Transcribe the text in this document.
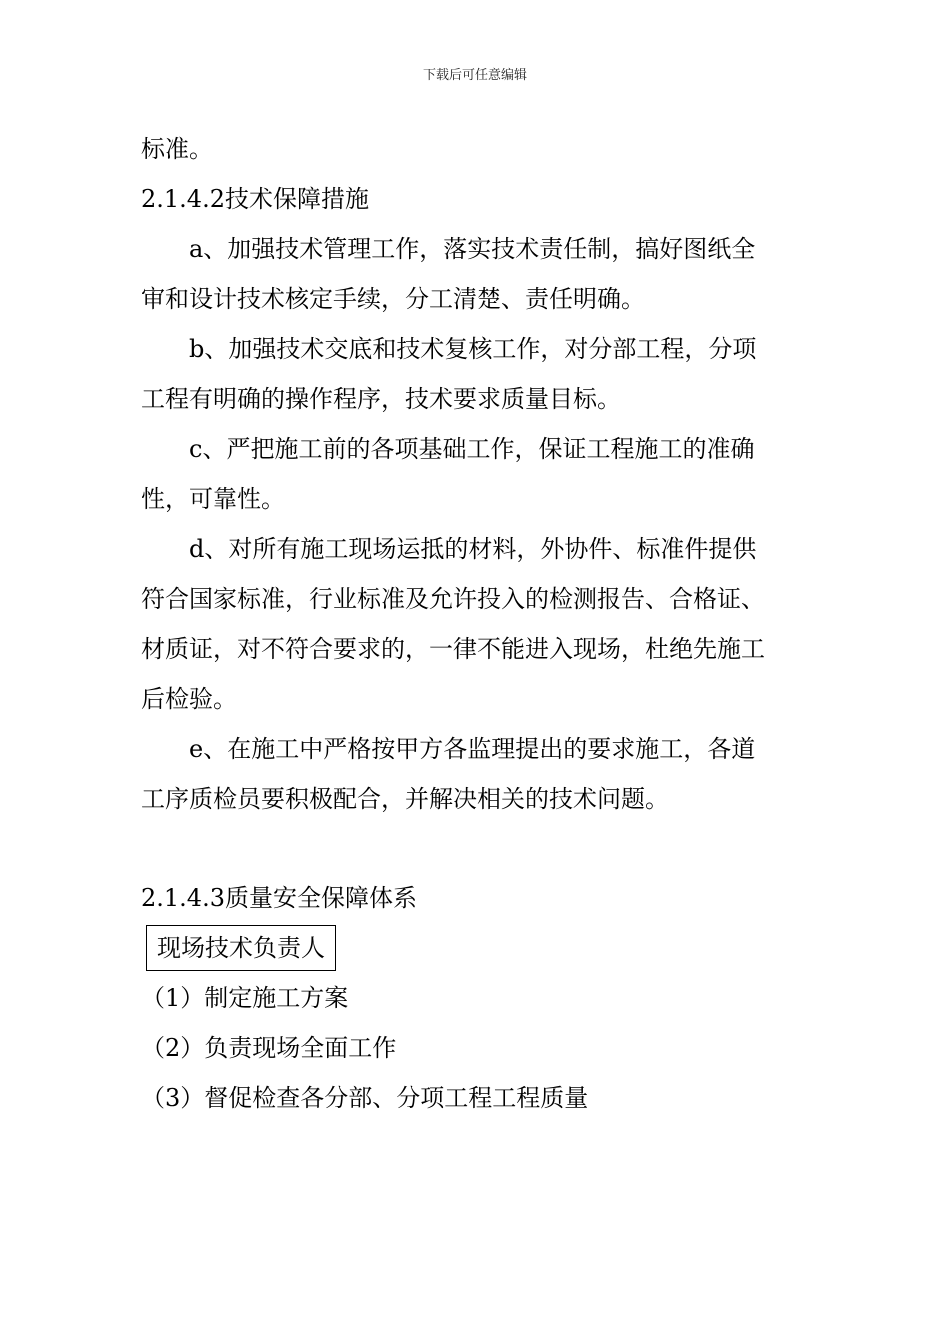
下载后可任意编辑
标准。
2.1.4.2技术保障措施
a、加强技术管理工作，落实技术责任制，搞好图纸全
审和设计技术核定手续，分工清楚、责任明确。
b、加强技术交底和技术复核工作，对分部工程，分项
工程有明确的操作程序，技术要求质量目标。
c、严把施工前的各项基础工作，保证工程施工的准确
性，可靠性。
d、对所有施工现场运抵的材料，外协件、标准件提供
符合国家标准，行业标准及允许投入的检测报告、合格证、
材质证，对不符合要求的，一律不能进入现场，杜绝先施工
后检验。
e、在施工中严格按甲方各监理提出的要求施工，各道
工序质检员要积极配合，并解决相关的技术问题。
2.1.4.3质量安全保障体系
现场技术负责人
（1）制定施工方案
（2）负责现场全面工作
（3）督促检查各分部、分项工程工程质量
